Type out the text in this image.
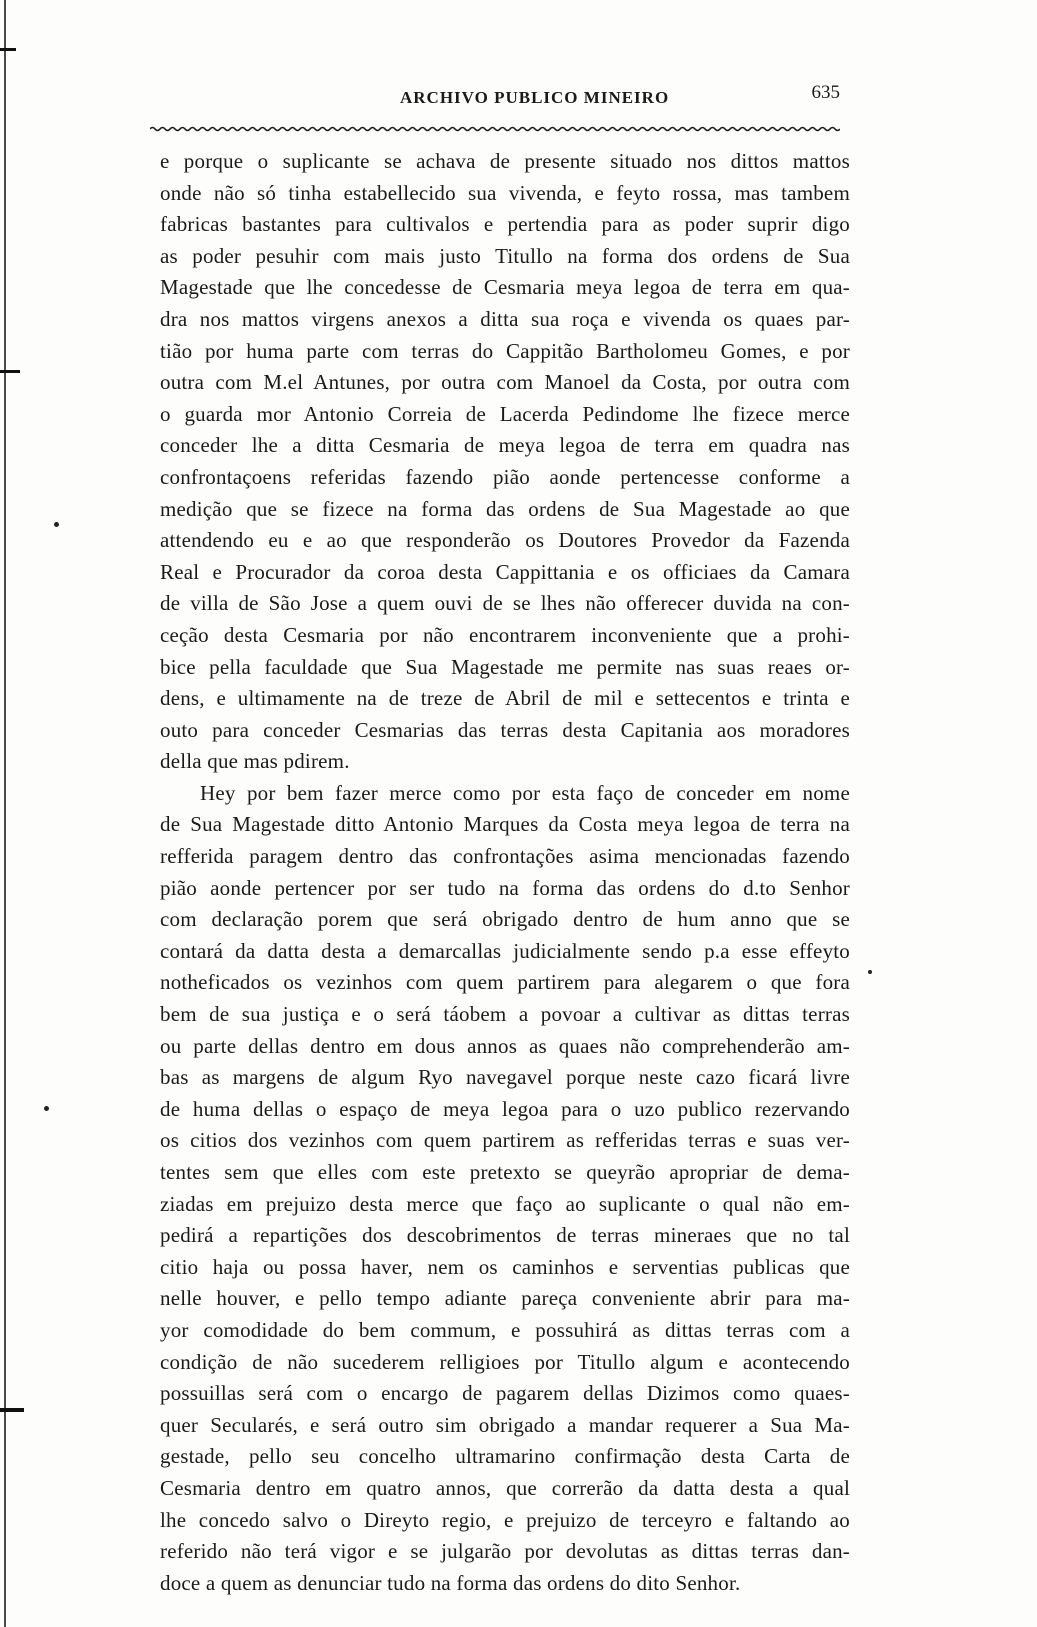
ARCHIVO PUBLICO MINEIRO	635
e porque o suplicante se achava de presente situado nos dittos mattos
onde não só tinha estabellecido sua vivenda, e feyto rossa, mas tambem
fabricas bastantes para cultivalos e pertendia para as poder suprir digo
as poder pesuhir com mais justo Titullo na forma dos ordens de Sua
Magestade que lhe concedesse de Cesmaria meya legoa de terra em qua-
dra nos mattos virgens anexos a ditta sua roça e vivenda os quaes par-
tião por huma parte com terras do Cappitão Bartholomeu Gomes, e por
outra com M.el Antunes, por outra com Manoel da Costa, por outra com
o guarda mor Antonio Correia de Lacerda Pedindome lhe fizece merce
conceder lhe a ditta Cesmaria de meya legoa de terra em quadra nas
confrontaçoens referidas fazendo pião aonde pertencesse conforme a
medição que se fizece na forma das ordens de Sua Magestade ao que
attendendo eu e ao que responderão os Doutores Provedor da Fazenda
Real e Procurador da coroa desta Cappittania e os officiaes da Camara
de villa de São Jose a quem ouvi de se lhes não offerecer duvida na con-
ceção desta Cesmaria por não encontrarem inconveniente que a prohi-
bice pella faculdade que Sua Magestade me permite nas suas reaes or-
dens, e ultimamente na de treze de Abril de mil e settecentos e trinta e
outo para conceder Cesmarias das terras desta Capitania aos moradores
della que mas pdirem.
Hey por bem fazer merce como por esta faço de conceder em nome
de Sua Magestade ditto Antonio Marques da Costa meya legoa de terra na
refferida paragem dentro das confrontações asima mencionadas fazendo
pião aonde pertencer por ser tudo na forma das ordens do d.to Senhor
com declaração porem que será obrigado dentro de hum anno que se
contará da datta desta a demarcallas judicialmente sendo p.a esse effeyto
notheficados os vezinhos com quem partirem para alegarem o que fora
bem de sua justiça e o será táobem a povoar a cultivar as dittas terras
ou parte dellas dentro em dous annos as quaes não comprehenderão am-
bas as margens de algum Ryo navegavel porque neste cazo ficará livre
de huma dellas o espaço de meya legoa para o uzo publico rezervando
os citios dos vezinhos com quem partirem as refferidas terras e suas ver-
tentes sem que elles com este pretexto se queyrão apropriar de dema-
ziadas em prejuizo desta merce que faço ao suplicante o qual não em-
pedirá a repartições dos descobrimentos de terras mineraes que no tal
citio haja ou possa haver, nem os caminhos e serventias publicas que
nelle houver, e pello tempo adiante pareça conveniente abrir para ma-
yor comodidade do bem commum, e possuhirá as dittas terras com a
condição de não sucederem relligioes por Titullo algum e acontecendo
possuillas será com o encargo de pagarem dellas Dizimos como quaes-
quer Secularés, e será outro sim obrigado a mandar requerer a Sua Ma-
gestade, pello seu concelho ultramarino confirmação desta Carta de
Cesmaria dentro em quatro annos, que correrão da datta desta a qual
lhe concedo salvo o Direyto regio, e prejuizo de terceyro e faltando ao
referido não terá vigor e se julgarão por devolutas as dittas terras dan-
doce a quem as denunciar tudo na forma das ordens do dito Senhor.
